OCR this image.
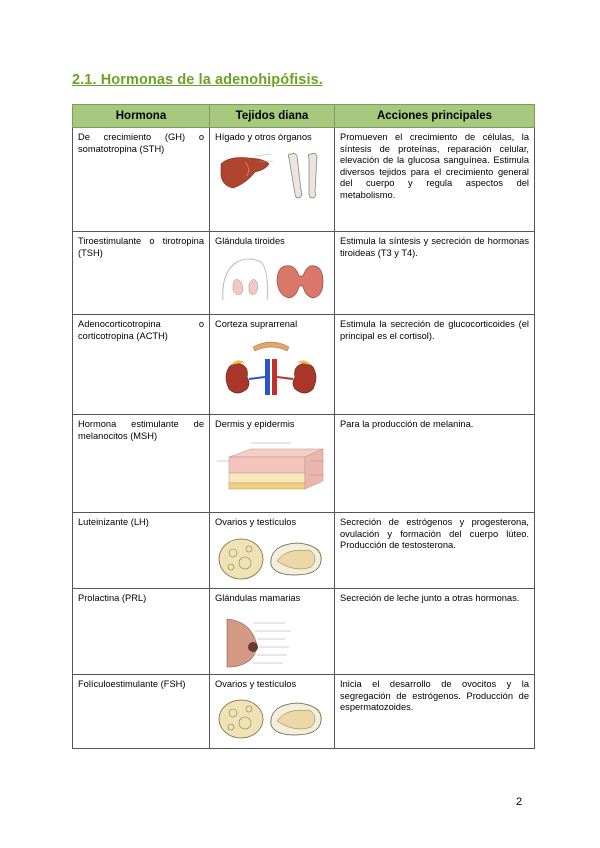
2.1. Hormonas de la adenohipófisis.
Hormona	Tejidos diana	Acciones principales
De crecimiento (GH) o somatotropina (STH)	Hígado y otros órganos	Promueven el crecimiento de células, la síntesis de proteínas, reparación celular, elevación de la glucosa sanguínea. Estimula diversos tejidos para el crecimiento general del cuerpo y regula aspectos del metabolismo.
Tiroestimulante o tirotropina (TSH)	Glándula tiroides	Estimula la síntesis y secreción de hormonas tiroideas (T3 y T4).
Adenocorticotropina o corticotropina (ACTH)	Corteza suprarrenal	Estimula la secreción de glucocorticoides (el principal es el cortisol).
Hormona estimulante de melanocitos (MSH)	Dermis y epidermis	Para la producción de melanina.
Luteinizante (LH)	Ovarios y testículos	Secreción de estrógenos y progesterona, ovulación y formación del cuerpo lúteo. Producción de testosterona.
Prolactina (PRL)	Glándulas mamarias	Secreción de leche junto a otras hormonas.
Folículoestimulante (FSH)	Ovarios y testículos	Inicia el desarrollo de ovocitos y la segregación de estrógenos. Producción de espermatozoides.
2
